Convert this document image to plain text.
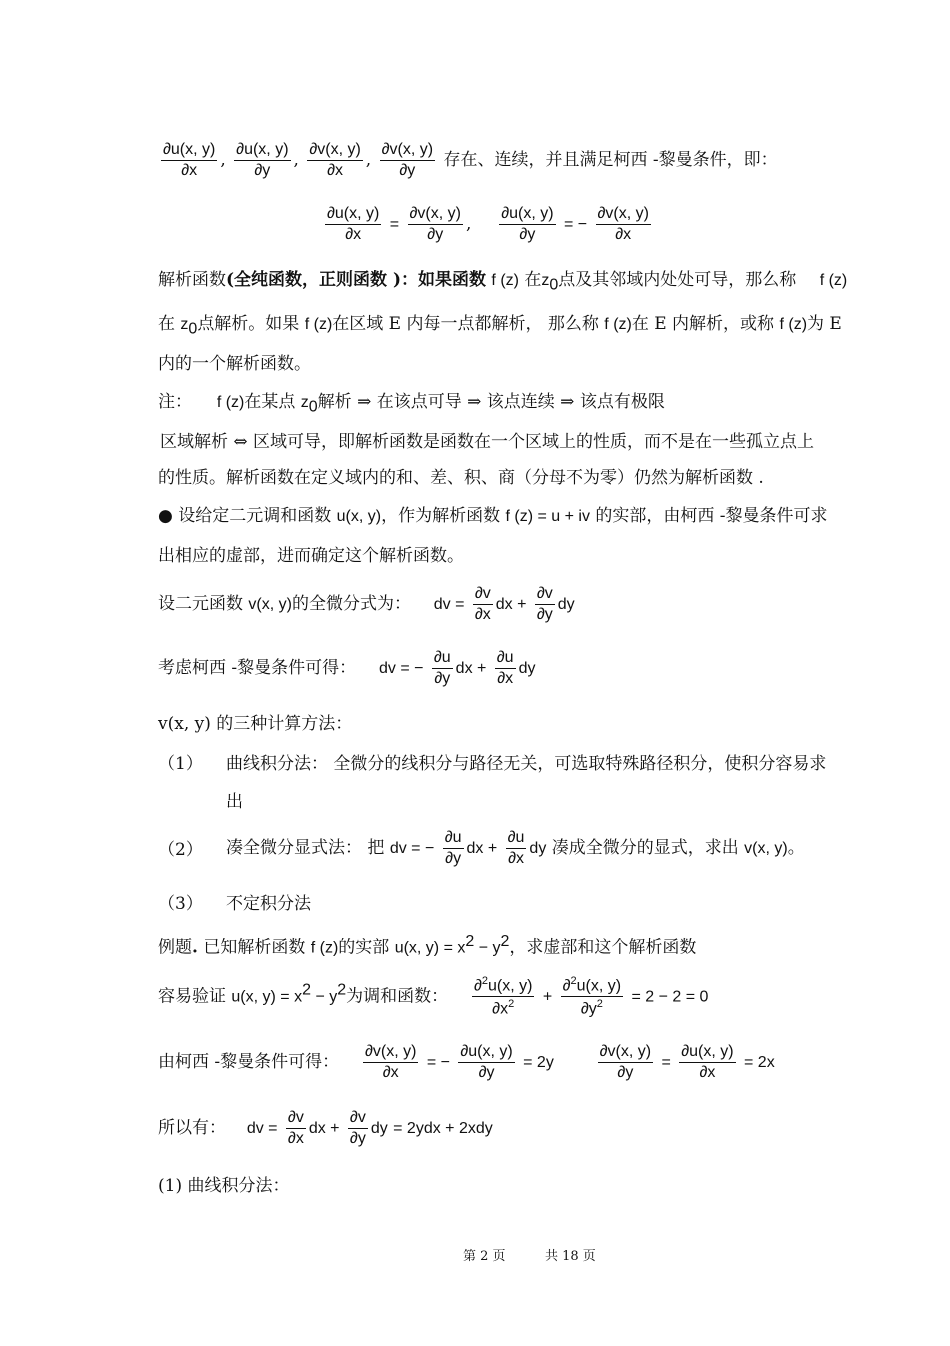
$\frac{\partial u(x, y)}{\partial x}$ , $\frac{\partial u(x, y)}{\partial y}$ , $\frac{\partial v(x, y)}{\partial x}$ , $\frac{\partial v(x, y)}{\partial y}$ 存在、连续，并且满足柯西 -黎曼条件，即：
$\frac{\partial u(x, y)}{\partial x} = \frac{\partial v(x, y)}{\partial y}$ , $\frac{\partial u(x, y)}{\partial y}$ = − $\frac{\partial v(x, y)}{\partial x}$
解析函数(全纯函数，正则函数 )：如果函数 f (z) 在$z_0$点及其邻域内处处可导，那么称 f (z)
在 $z_0$点解析。如果 f (z)在区域 E 内每一点都解析， 那么称 f (z)在 E 内解析，或称 f (z)为 E
内的一个解析函数。
注： f (z)在某点 $z_0$解析 ⇒ 在该点可导 ⇒ 该点连续 ⇒ 该点有极限
区域解析 ⇔ 区域可导，即解析函数是函数在一个区域上的性质，而不是在一些孤立点上
的性质。解析函数在定义域内的和、差、积、商（分母不为零）仍然为解析函数 .
● 设给定二元调和函数 u(x, y)，作为解析函数 f (z) = u + iv 的实部，由柯西 -黎曼条件可求
出相应的虚部，进而确定这个解析函数。
设二元函数 v(x, y)的全微分式为： dv = $\frac{\partial v}{\partial x}$ dx + $\frac{\partial v}{\partial y}$ dy
考虑柯西 -黎曼条件可得： dv = − $\frac{\partial u}{\partial y}$ dx + $\frac{\partial u}{\partial x}$ dy
v(x, y) 的三种计算方法：
（1） 曲线积分法： 全微分的线积分与路径无关，可选取特殊路径积分，使积分容易求
出
（2） 凑全微分显式法： 把 dv = − $\frac{\partial u}{\partial y}$ dx + $\frac{\partial u}{\partial x}$ dy 凑成全微分的显式，求出 v(x, y)。
（3） 不定积分法
例题. 已知解析函数 f (z)的实部 u(x, $y) = x^2 - y^2$，求虚部和这个解析函数
容易验证 u(x, $y) = x^2 - y^2$为调和函数： $\frac{\partial^2u(x, y)}{\partial x^2} + \frac{\partial^2u(x, y)}{\partial y^2} = 2 - 2 = 0$
由柯西 -黎曼条件可得： $\frac{\partial v(x, y)}{\partial x}$ = − $\frac{\partial u(x, y)}{\partial y} = 2y$	$\frac{\partial v(x, y)}{\partial y} = \frac{\partial u(x, y)}{\partial x} = 2x$
所以有： dv = $\frac{\partial v}{\partial x}$ dx + $\frac{\partial v}{\partial y}$ dy = 2ydx + 2xdy
(1) 曲线积分法：
第 2 页	共 18 页
